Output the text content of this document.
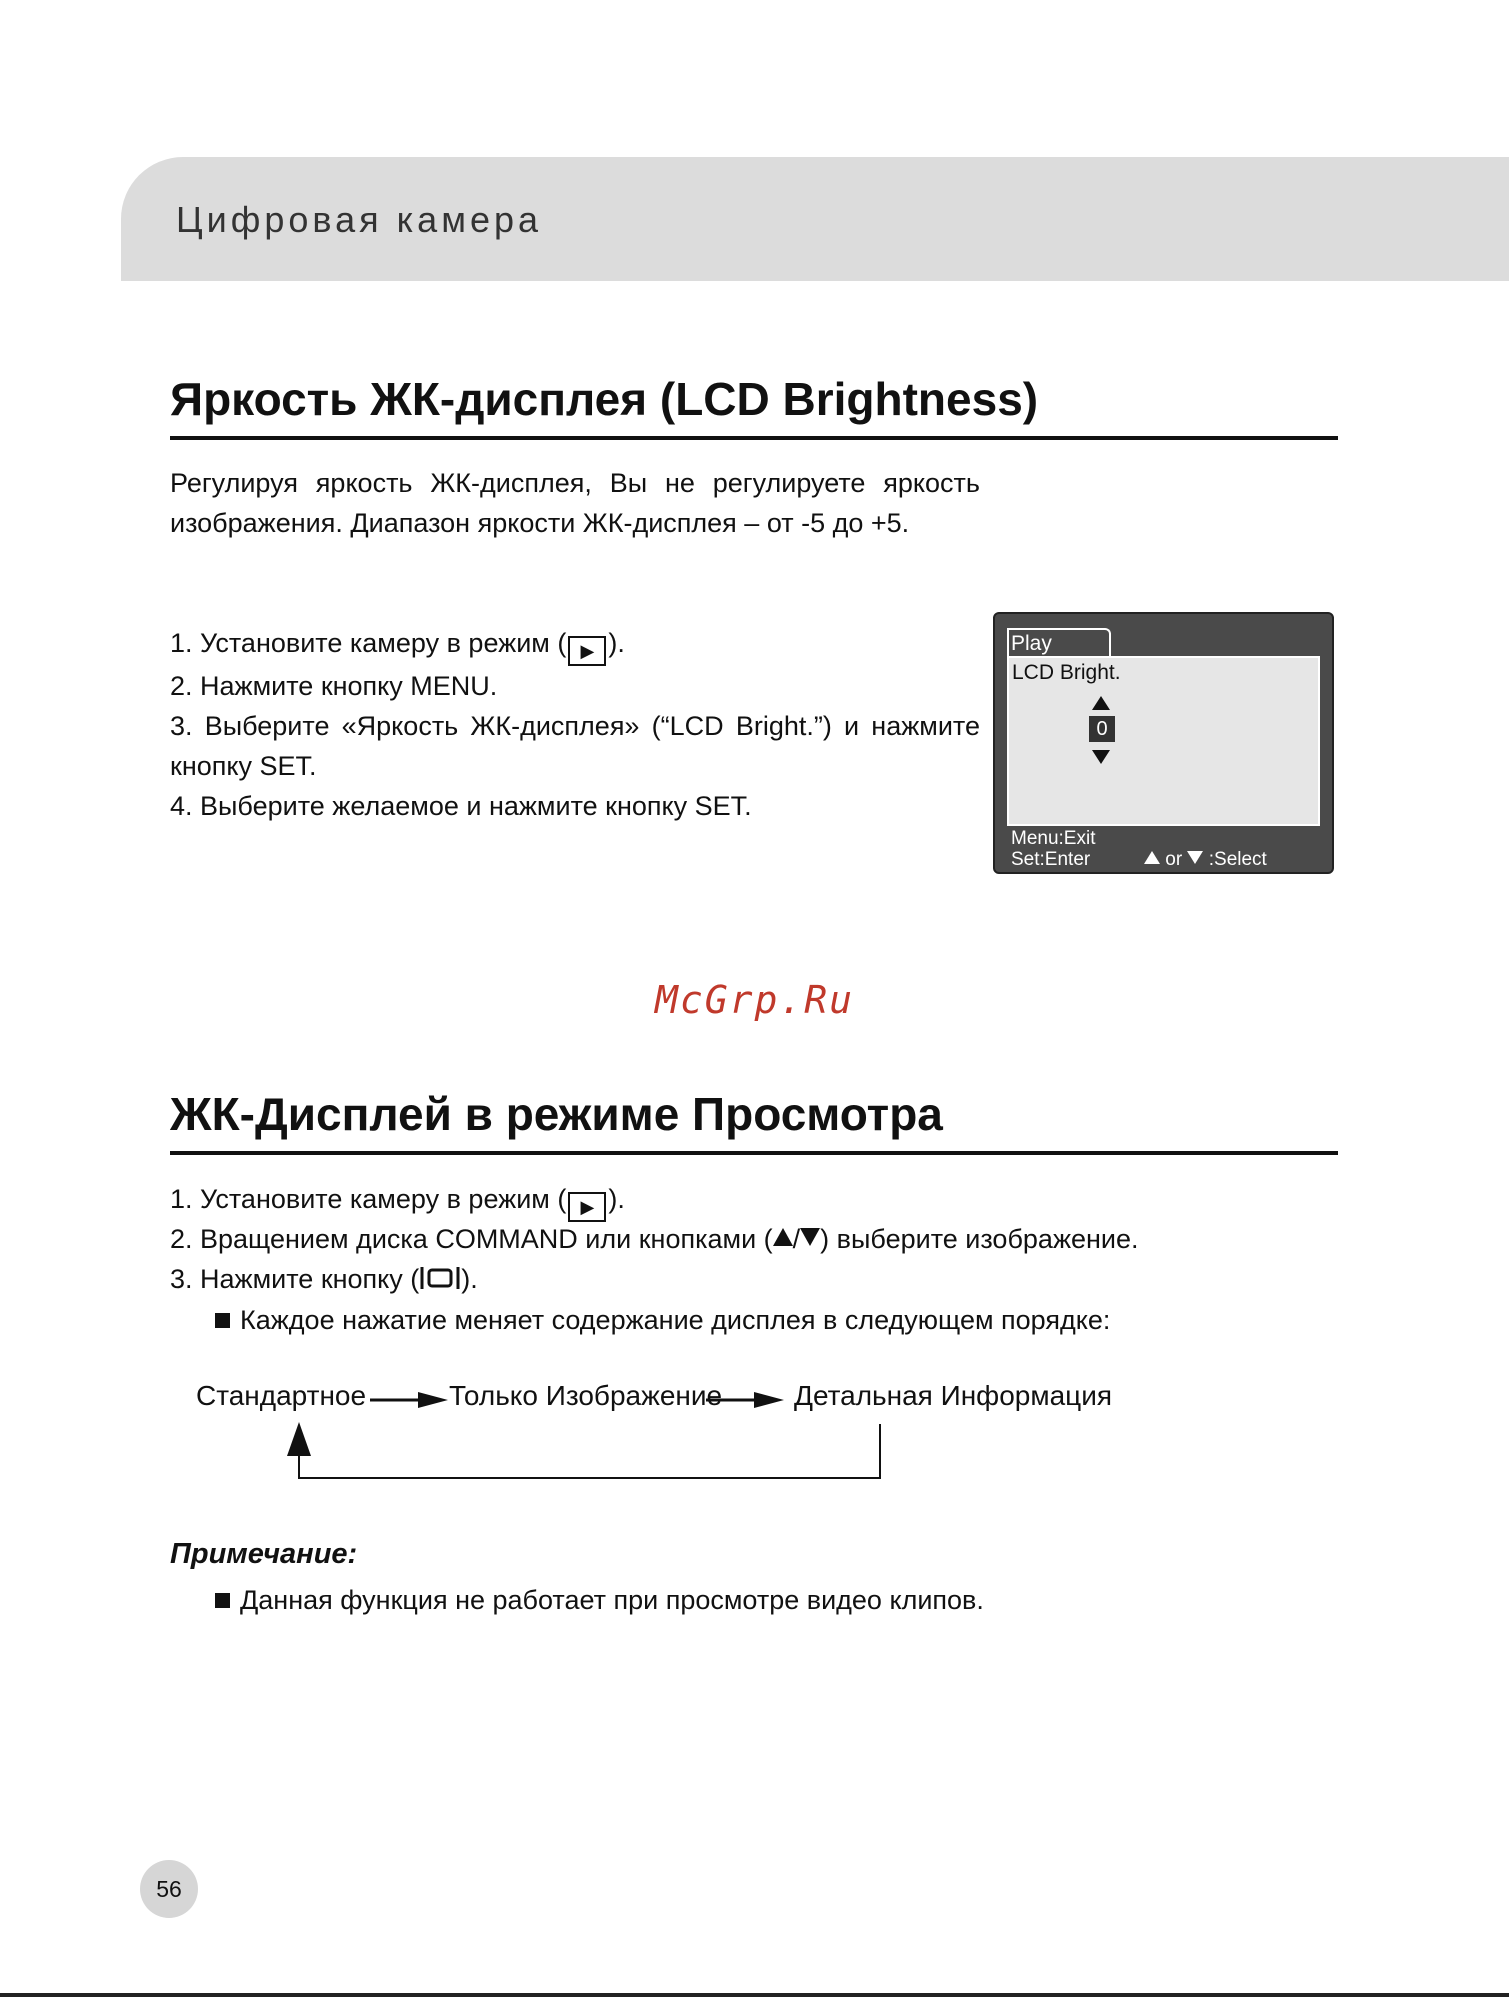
Цифровая камера
Яркость ЖК-дисплея (LCD Brightness)
Регулируя яркость ЖК-дисплея, Вы не регулируете яркость изображения. Диапазон яркости ЖК-дисплея – от -5 до +5.
1. Установите камеру в режим ( ▶ ).
2. Нажмите кнопку MENU.
3. Выберите «Яркость ЖК-дисплея» (“LCD Bright.”) и нажмите кнопку SET.
4. Выберите желаемое и нажмите кнопку SET.
Play
LCD Bright.
0
Menu:Exit
Set:Enter	or :Select
McGrp.Ru
ЖК-Дисплей в режиме Просмотра
1. Установите камеру в режим ( ▶ ).
2. Вращением диска COMMAND или кнопками ( / ) выберите изображение.
3. Нажмите кнопку ( ).
Каждое нажатие меняет содержание дисплея в следующем порядке:
Стандартное	Только Изображение	Детальная Информация
Примечание:
Данная функция не работает при просмотре видео клипов.
56
